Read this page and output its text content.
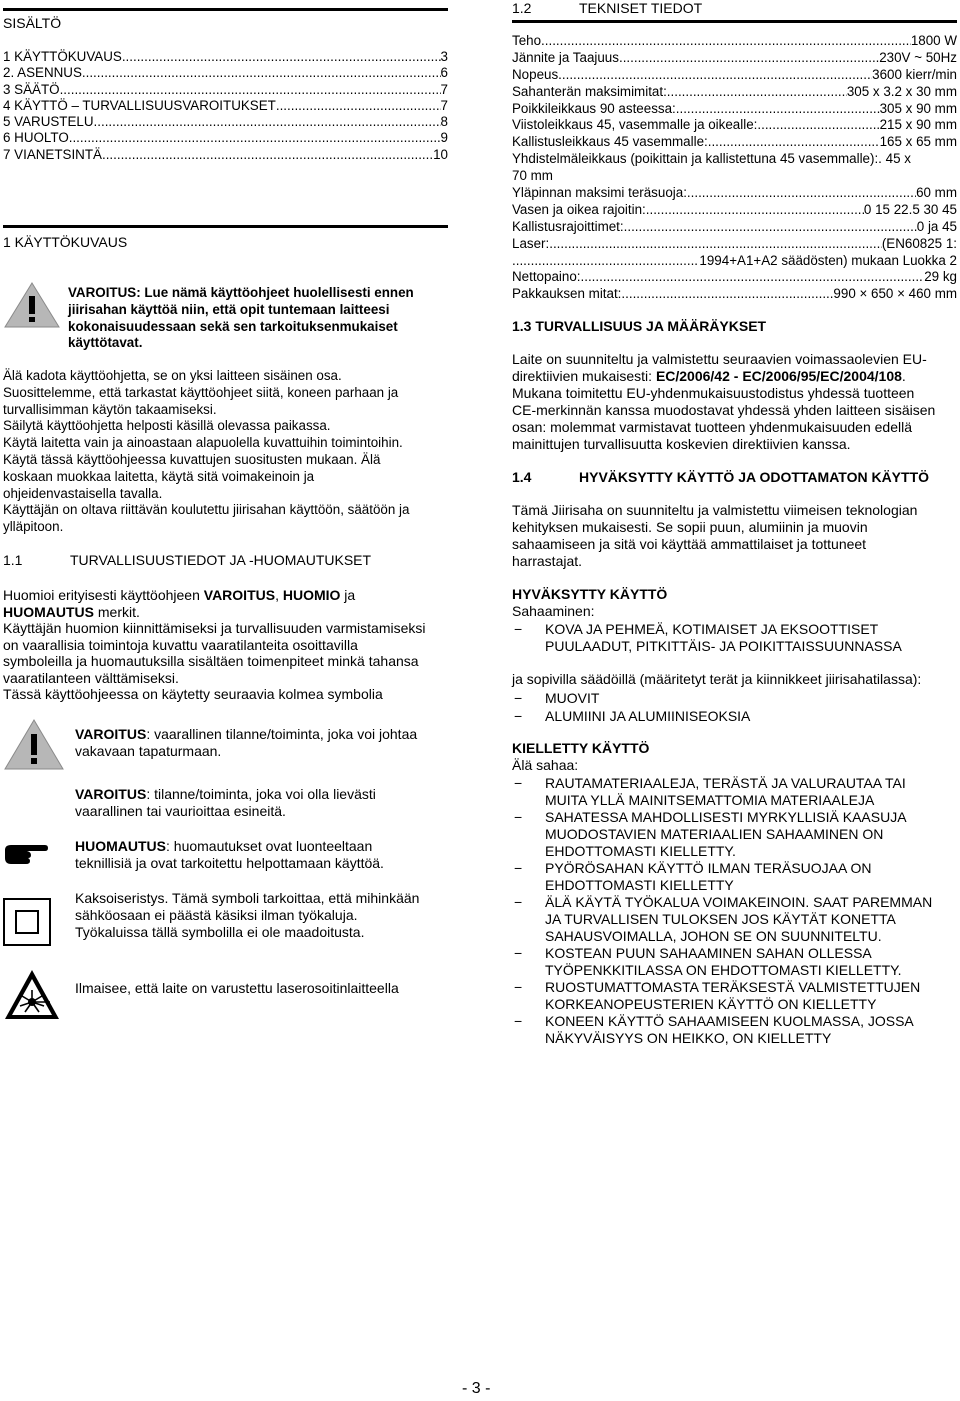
SISÄLTÖ
1 KÄYTTÖKUVAUS .....	3
2. ASENNUS .....	6
3 SÄÄTÖ .....	7
4 KÄYTTÖ – TURVALLISUUSVAROITUKSET .....	7
5 VARUSTELU .....	8
6 HUOLTO .....	9
7 VIANETSINTÄ .....	10
1 KÄYTTÖKUVAUS
VAROITUS: Lue nämä käyttöohjeet huolellisesti ennen
jiirisahan käyttöä niin, että opit tuntemaan laitteesi
kokonaisuudessaan sekä sen tarkoituksenmukaiset
käyttötavat.
Älä kadota käyttöohjetta, se on yksi laitteen sisäinen osa.
Suosittelemme, että tarkastat käyttöohjeet siitä, koneen parhaan ja
turvallisimman käytön takaamiseksi.
Säilytä käyttöohjetta helposti käsillä olevassa paikassa.
Käytä laitetta vain ja ainoastaan alapuolella kuvattuihin toimintoihin.
Käytä tässä käyttöohjeessa kuvattujen suositusten mukaan. Älä
koskaan muokkaa laitetta, käytä sitä voimakeinoin ja
ohjeidenvastaisella tavalla.
Käyttäjän on oltava riittävän koulutettu jiirisahan käyttöön, säätöön ja
ylläpitoon.
1.1	TURVALLISUUSTIEDOT JA -HUOMAUTUKSET
Huomioi erityisesti käyttöohjeen VAROITUS, HUOMIO ja
HUOMAUTUS merkit.
Käyttäjän huomion kiinnittämiseksi ja turvallisuuden varmistamiseksi
on vaarallisia toimintoja kuvattu vaaratilanteita osoittavilla
symboleilla ja huomautuksilla sisältäen toimenpiteet minkä tahansa
vaaratilanteen välttämiseksi.
Tässä käyttöohjeessa on käytetty seuraavia kolmea symbolia
VAROITUS: vaarallinen tilanne/toiminta, joka voi johtaa
vakavaan tapaturmaan.
VAROITUS: tilanne/toiminta, joka voi olla lievästi
vaarallinen tai vaurioittaa esineitä.
HUOMAUTUS: huomautukset ovat luonteeltaan
teknillisiä ja ovat tarkoitettu helpottamaan käyttöä.
Kaksoiseristys. Tämä symboli tarkoittaa, että mihinkään
sähköosaan ei päästä käsiksi ilman työkaluja.
Työkaluissa tällä symbolilla ei ole maadoitusta.
Ilmaisee, että laite on varustettu laserosoitinlaitteella
1.2	TEKNISET TIEDOT
Teho .....	1800 W
Jännite ja Taajuus .....	230V ~ 50Hz
Nopeus .....	3600 kierr/min
Sahanterän maksimimitat: .....	305 x 3.2 x 30 mm
Poikkileikkaus 90 asteessa: .....	305 x 90 mm
Viistoleikkaus 45, vasemmalle ja oikealle: .....	215 x 90 mm
Kallistusleikkaus 45 vasemmalle: .....	165 x 65 mm
Yhdistelmäleikkaus (poikittain ja kallistettuna 45 vasemmalle):. 45 x
70 mm
Yläpinnan maksimi teräsuoja: .....	60 mm
Vasen ja oikea rajoitin: .....	0 15 22.5 30 45
Kallistusrajoittimet: .....	0 ja 45
Laser: .....	(EN60825 1:
.....
1994+A1+A2 säädösten) mukaan Luokka 2
Nettopaino: .....	29 kg
Pakkauksen mitat: .....	990 × 650 × 460 mm
1.3 TURVALLISUUS JA MÄÄRÄYKSET
Laite on suunniteltu ja valmistettu seuraavien voimassaolevien EU-
direktiivien mukaisesti: EC/2006/42 - EC/2006/95/EC/2004/108.
Mukana toimitettu EU-yhdenmukaisuustodistus yhdessä tuotteen
CE-merkinnän kanssa muodostavat yhdessä yhden laitteen sisäisen
osan: molemmat varmistavat tuotteen yhdenmukaisuuden edellä
mainittujen turvallisuutta koskevien direktiivien kanssa.
1.4	HYVÄKSYTTY KÄYTTÖ JA ODOTTAMATON KÄYTTÖ
Tämä Jiirisaha on suunniteltu ja valmistettu viimeisen teknologian
kehityksen mukaisesti. Se sopii puun, alumiinin ja muovin
sahaamiseen ja sitä voi käyttää ammattilaiset ja tottuneet
harrastajat.
HYVÄKSYTTY KÄYTTÖ
Sahaaminen:
− KOVA JA PEHMEÄ, KOTIMAISET JA EKSOOTTISET
PUULAADUT, PITKITTÄIS- JA POIKITTAISSUUNNASSA
ja sopivilla säädöillä (määritetyt terät ja kiinnikkeet jiirisahatilassa):
− MUOVIT
− ALUMIINI JA ALUMIINISEOKSIA
KIELLETTY KÄYTTÖ
Älä sahaa:
− RAUTAMATERIAALEJA, TERÄSTÄ JA VALURAUTAA TAI
MUITA YLLÄ MAINITSEMATTOMIA MATERIAALEJA
− SAHATESSA MAHDOLLISESTI MYRKYLLISIÄ KAASUJA
MUODOSTAVIEN MATERIAALIEN SAHAAMINEN ON
EHDOTTOMASTI KIELLETTY.
− PYÖRÖSAHAN KÄYTTÖ ILMAN TERÄSUOJAA ON
EHDOTTOMASTI KIELLETTY
− ÄLÄ KÄYTÄ TYÖKALUA VOIMAKEINOIN. SAAT PAREMMAN
JA TURVALLISEN TULOKSEN JOS KÄYTÄT KONETTA
SAHAUSVOIMALLA, JOHON SE ON SUUNNITELTU.
− KOSTEAN PUUN SAHAAMINEN SAHAN OLLESSA
TYÖPENKKITILASSA ON EHDOTTOMASTI KIELLETTY.
− RUOSTUMATTOMASTA TERÄKSESTÄ VALMISTETTUJEN
KORKEANOPEUSTERIEN KÄYTTÖ ON KIELLETTY
− KONEEN KÄYTTÖ SAHAAMISEEN KUOLMASSA, JOSSA
NÄKYVÄISYYS ON HEIKKO, ON KIELLETTY
- 3 -
